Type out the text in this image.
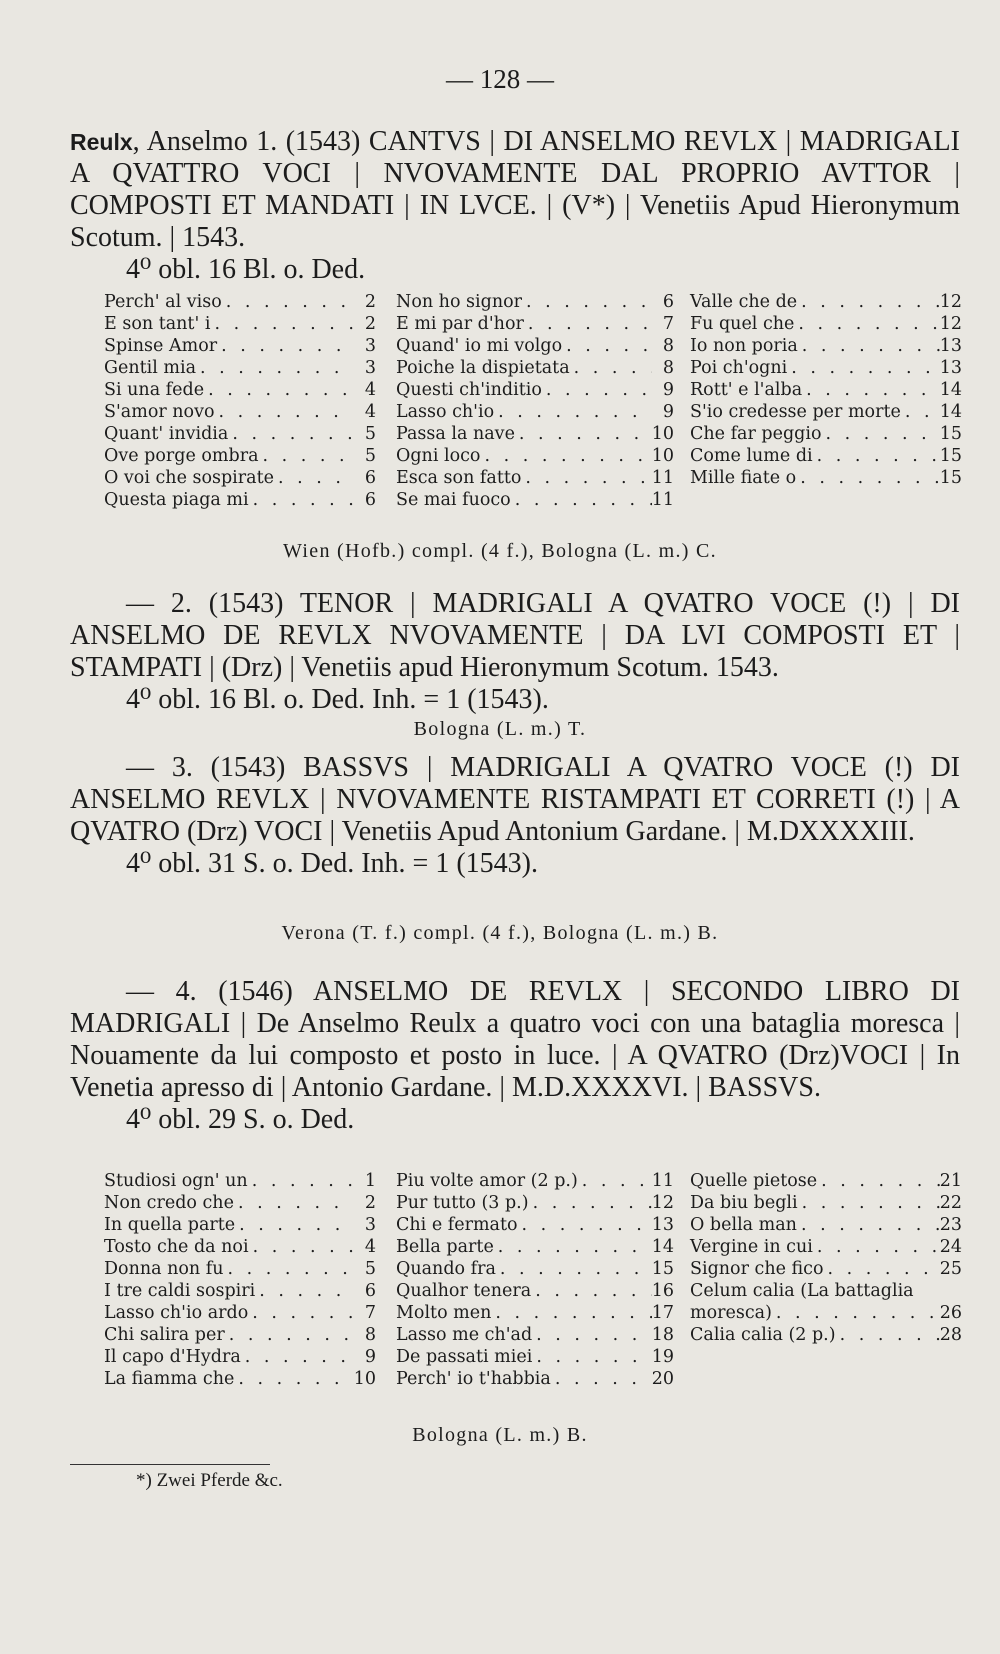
— 128 —

Reulx, Anselmo 1. (1543) CANTVS | DI ANSELMO REVLX | MADRIGALI A QVATTRO VOCI | NVOVAMENTE DAL PROPRIO AVTTOR | COMPOSTI ET MANDATI | IN LVCE. | (V*) | Venetiis Apud Hieronymum Scotum. | 1543.

4⁰ obl. 16 Bl. o. Ded.

Perch' al viso . . .	2
E son tant' i . . .	2
Spinse Amor . . .	3
Gentil mia . . .	3
Si una fede . . .	4
S'amor novo . . .	4
Quant' invidia . . .	5
Ove porge ombra . . .	5
O voi che sospirate . . .	6
Questa piaga mi . . .	6
Non ho signor . . .	6
E mi par d'hor . . .	7
Quand' io mi volgo . . .	8
Poiche la dispietata . . .	8
Questi ch'inditio . . .	9
Lasso ch'io . . .	9
Passa la nave . . .	10
Ogni loco . . .	10
Esca son fatto . . .	11
Se mai fuoco . . .	11
Valle che de . . .	12
Fu quel che . . .	12
Io non poria . . .	13
Poi ch'ogni . . .	13
Rott' e l'alba . . .	14
S'io credesse per morte . . . 14
Che far peggio . . .	15
Come lume di . . .	15
Mille fiate o . . .	15
Wien (Hofb.) compl. (4 f.), Bologna (L. m.) C.

— 2. (1543) TENOR | MADRIGALI A QVATRO VOCE (!) | DI ANSELMO DE REVLX NVOVAMENTE | DA LVI COMPOSTI ET | STAMPATI | (Drz) | Venetiis apud Hieronymum Scotum. 1543.

4⁰ obl. 16 Bl. o. Ded. Inh. = 1 (1543).

Bologna (L. m.) T.

— 3. (1543) BASSVS | MADRIGALI A QVATRO VOCE (!) DI ANSELMO REVLX | NVOVAMENTE RISTAMPATI ET CORRETI (!) | A QVATRO (Drz) VOCI | Venetiis Apud Antonium Gardane. | M.DXXXXIII.

4⁰ obl. 31 S. o. Ded. Inh. = 1 (1543).

Verona (T. f.) compl. (4 f.), Bologna (L. m.) B.

— 4. (1546) ANSELMO DE REVLX | SECONDO LIBRO DI MADRIGALI | De Anselmo Reulx a quatro voci con una bataglia moresca | Nouamente da lui composto et posto in luce. | A QVATRO (Drz)VOCI | In Venetia apresso di | Antonio Gardane. | M.D.XXXXVI. | BASSVS.

4⁰ obl. 29 S. o. Ded.

Studiosi ogn' un . . .	1
Non credo che . . .	2
In quella parte . . .	3
Tosto che da noi . . .	4
Donna non fu . . .	5
I tre caldi sospiri . . .	6
Lasso ch'io ardo . . .	7
Chi salira per . . .	8
Il capo d'Hydra . . .	9
La fiamma che . . .	10
Piu volte amor (2 p.) . . .	11
Pur tutto (3 p.) . . .	12
Chi e fermato . . .	13
Bella parte . . .	14
Quando fra . . .	15
Qualhor tenera . . .	16
Molto men . . .	17
Lasso me ch'ad . . .	18
De passati miei . . .	19
Perch' io t'habbia . . .	20
Quelle pietose . . .	21
Da biu begli . . .	22
O bella man . . .	23
Vergine in cui . . .	24
Signor che fico . . .	25
Celum calia (La battaglia
moresca) . . .	26
Calia calia (2 p.) . . .	28
Bologna (L. m.) B.
*) Zwei Pferde &c.
